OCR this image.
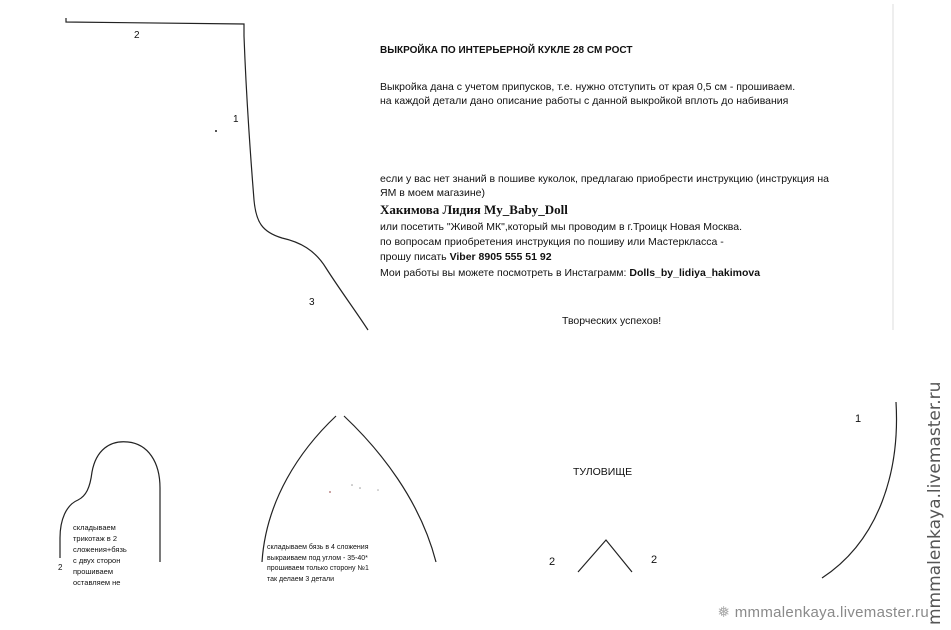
2
1
3
ВЫКРОЙКА ПО ИНТЕРЬЕРНОЙ КУКЛЕ 28 СМ РОСТ
Выкройка дана с учетом припусков, т.е. нужно отступить от края 0,5 см - прошиваем.
на каждой детали дано описание работы с данной выкройкой вплоть до набивания
если у вас нет знаний в пошиве куколок, предлагаю приобрести инструкцию (инструкция на
ЯМ в моем магазине)
Хакимова Лидия My_Baby_Doll
или посетить "Живой МК",который мы проводим в г.Троицк Новая Москва.
по вопросам приобретения инструкция по пошиву или Мастеркласса -
прошу писать Viber 8905 555 51 92
Мои работы вы можете посмотреть в Инстаграмм: Dolls_by_lidiya_hakimova
Творческих успехов!
2
складываем
трикотаж в 2
сложения+бязь
с двух сторон
прошиваем
оставляем не
складываем бязь в 4 сложения
выкраиваем под углом - 35-40*
прошиваем только сторону №1
так делаем 3 детали
ТУЛОВИЩЕ
2	2
1	mmmalenkaya.livemaster.ru
❅ mmmalenkaya.livemaster.ru
